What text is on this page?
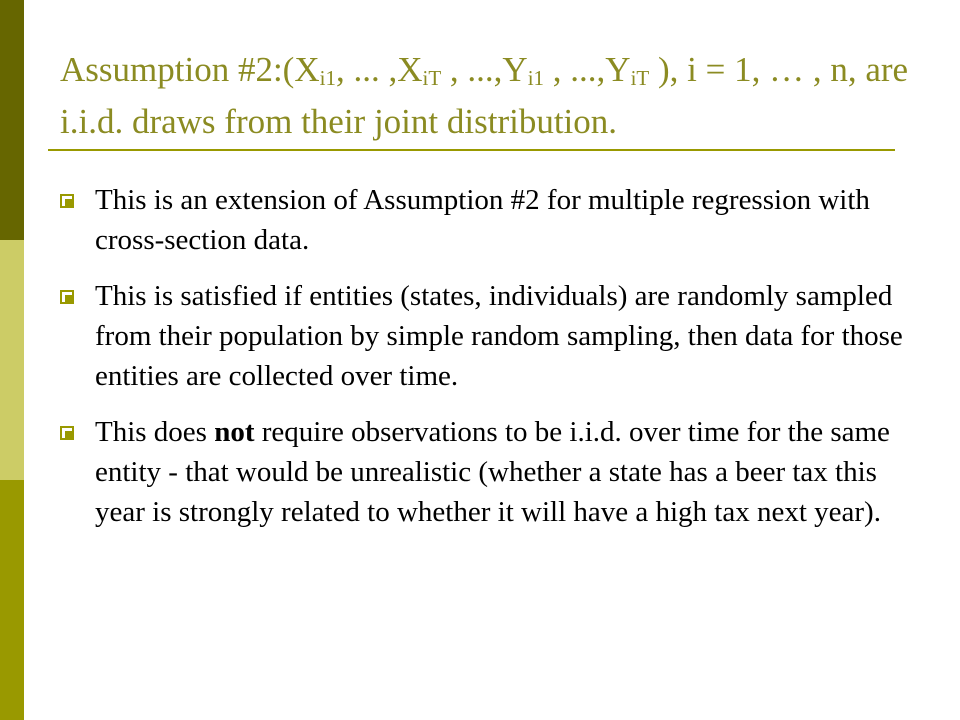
Assumption $\#2:(X_{i1}$, ... $,X_{iT}$ , $...,Y_{i1}$ , $...,Y_{iT}$ ), i = 1, … , n, are i.i.d. draws from their joint distribution.
This is an extension of Assumption #2 for multiple regression with cross-section data.
This is satisfied if entities (states, individuals) are randomly sampled from their population by simple random sampling, then data for those entities are collected over time.
This does not require observations to be i.i.d. over time for the same entity - that would be unrealistic (whether a state has a beer tax this year is strongly related to whether it will have a high tax next year).
